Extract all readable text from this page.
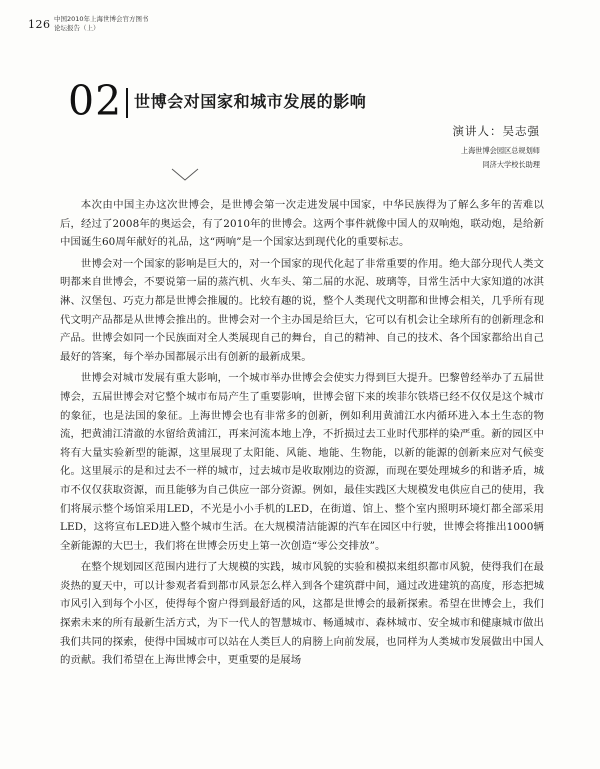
126 中国2010年上海世博会官方图书
论坛报告（上）
02 世博会对国家和城市发展的影响
演讲人：吴志强
上海世博会园区总规划师
同济大学校长助理

本次由中国主办这次世博会，是世博会第一次走进发展中国家，中华民族得为了解么多年的苦难以后，经过了2008年的奥运会，有了2010年的世博会。这两个事件就像中国人的双响炮，联动炮，是给新中国诞生60周年献好的礼品，这“两响”是一个国家达到现代化的重要标志。

世博会对一个国家的影响是巨大的，对一个国家的现代化起了非常重要的作用。绝大部分现代人类文明都来自世博会，不要说第一届的蒸汽机、火车头、第二届的水泥、玻璃等，目常生活中大家知道的冰淇淋、汉堡包、巧克力都是世博会推履的。比较有趣的说，整个人类现代文明都和世博会相关，几乎所有现代文明产品都是从世博会推出的。世博会对一个主办国是给巨大，它可以有机会让全球所有的创新理念和产品。世博会如同一个民族面对全人类展现自己的舞台，自己的精神、自己的技术、各个国家都给出自己最好的答案，每个举办国都展示出有创新的最新成果。

世博会对城市发展有重大影响，一个城市举办世博会会使实力得到巨大提升。巴黎曾经举办了五届世博会，五届世博会对它整个城市布局产生了重要影响，世博会留下来的埃菲尔铁塔已经不仅仅是这个城市的象征，也是法国的象征。上海世博会也有非常多的创新，例如利用黄浦江水内循环进入本土生态的物流，把黄浦江清澈的水留给黄浦江，再来河流本地上净，不折损过去工业时代那样的染严重。新的园区中将有大量实验新型的能源，这里展现了太阳能、风能、地能、生物能，以新的能源的创新来应对气候变化。这里展示的是和过去不一样的城市，过去城市是收取刚边的资源，而现在要处理城乡的和谐矛盾，城市不仅仅获取资源，而且能够为自己供应一部分资源。例如，最佳实践区大规模发电供应自己的使用，我们将展示整个场馆采用LED，不光是小小手机的LED，在街道、馆上、整个室内照明环境灯都全部采用LED，这将宣布LED进入整个城市生活。在大规模清洁能源的汽车在园区中行驶，世博会将推出1000辆全新能源的大巴士，我们将在世博会历史上第一次创造“零公交排放”。

在整个规划园区范围内进行了大规模的实践，城市风貌的实验和模拟来组织都市风貌，使得我们在最炎热的夏天中，可以计参观者看到都市风景怎么样入到各个建筑群中间，通过改进建筑的高度，形态把城市风引入到每个小区，使得每个窗户得到最舒适的风，这都是世博会的最新探索。希望在世博会上，我们探索未来的所有最新生活方式，为下一代人的智慧城市、畅通城市、森林城市、安全城市和健康城市做出我们共同的探索，使得中国城市可以站在人类巨人的肩膀上向前发展，也同样为人类城市发展做出中国人的贡献。我们希望在上海世博会中，更重要的是展场
